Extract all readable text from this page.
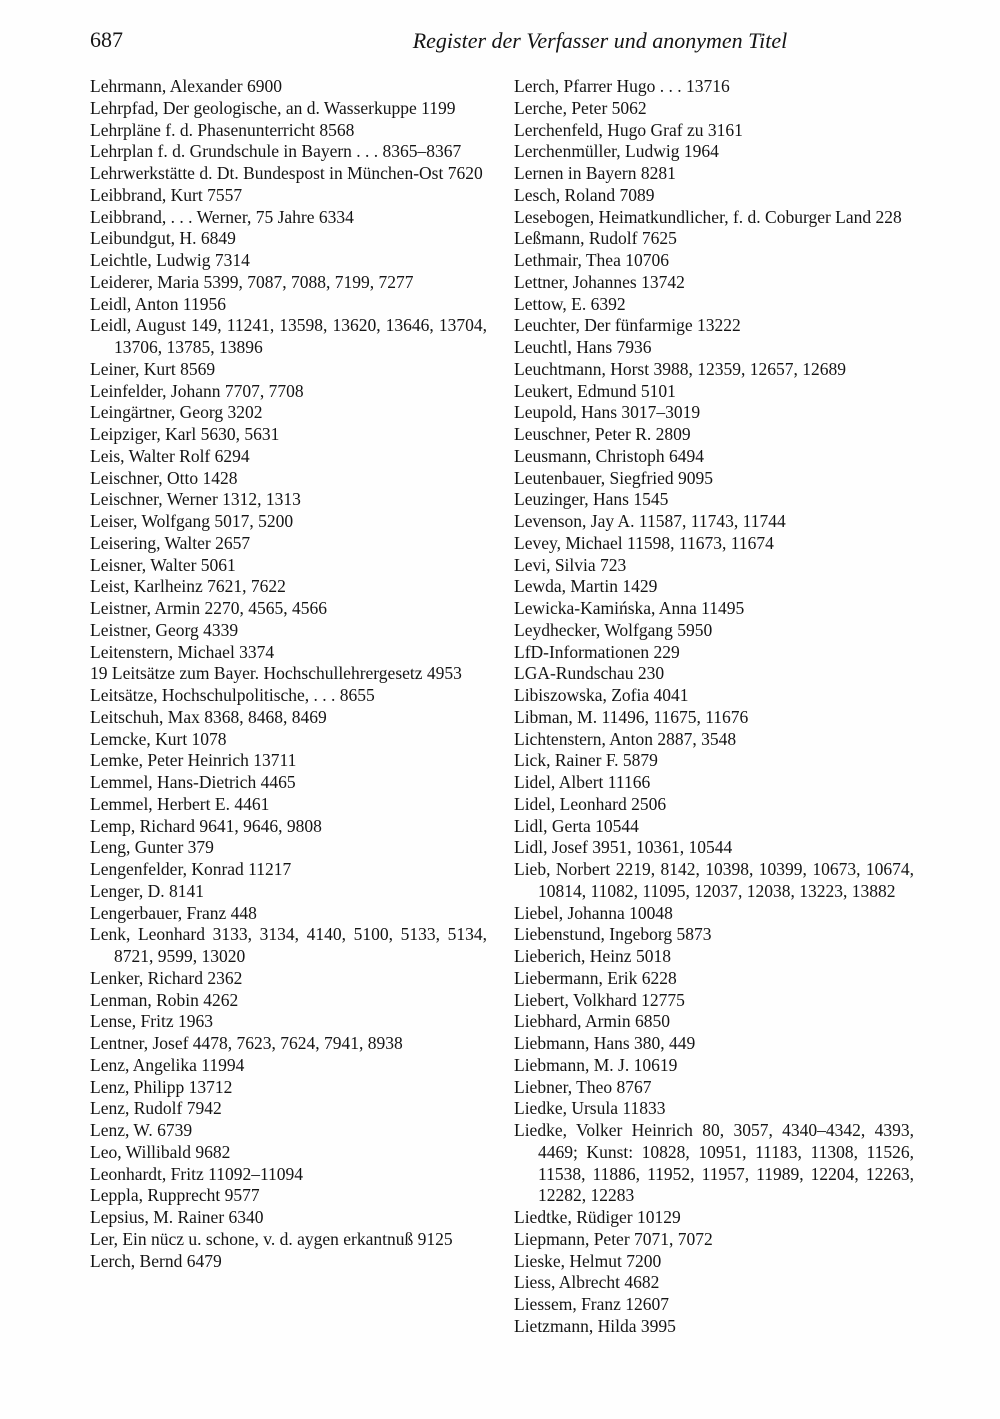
687	Register der Verfasser und anonymen Titel
Lehrmann, Alexander 6900
Lehrpfad, Der geologische, an d. Wasserkuppe 1199
Lehrpläne f. d. Phasenunterricht 8568
Lehrplan f. d. Grundschule in Bayern . . . 8365–8367
Lehrwerkstätte d. Dt. Bundespost in München-Ost 7620
Leibbrand, Kurt 7557
Leibbrand, . . . Werner, 75 Jahre 6334
Leibundgut, H. 6849
Leichtle, Ludwig 7314
Leiderer, Maria 5399, 7087, 7088, 7199, 7277
Leidl, Anton 11956
Leidl, August 149, 11241, 13598, 13620, 13646, 13704, 13706, 13785, 13896
Leiner, Kurt 8569
Leinfelder, Johann 7707, 7708
Leingärtner, Georg 3202
Leipziger, Karl 5630, 5631
Leis, Walter Rolf 6294
Leischner, Otto 1428
Leischner, Werner 1312, 1313
Leiser, Wolfgang 5017, 5200
Leisering, Walter 2657
Leisner, Walter 5061
Leist, Karlheinz 7621, 7622
Leistner, Armin 2270, 4565, 4566
Leistner, Georg 4339
Leitenstern, Michael 3374
19 Leitsätze zum Bayer. Hochschullehrergesetz 4953
Leitsätze, Hochschulpolitische, . . . 8655
Leitschuh, Max 8368, 8468, 8469
Lemcke, Kurt 1078
Lemke, Peter Heinrich 13711
Lemmel, Hans-Dietrich 4465
Lemmel, Herbert E. 4461
Lemp, Richard 9641, 9646, 9808
Leng, Gunter 379
Lengenfelder, Konrad 11217
Lenger, D. 8141
Lengerbauer, Franz 448
Lenk, Leonhard 3133, 3134, 4140, 5100, 5133, 5134, 8721, 9599, 13020
Lenker, Richard 2362
Lenman, Robin 4262
Lense, Fritz 1963
Lentner, Josef 4478, 7623, 7624, 7941, 8938
Lenz, Angelika 11994
Lenz, Philipp 13712
Lenz, Rudolf 7942
Lenz, W. 6739
Leo, Willibald 9682
Leonhardt, Fritz 11092–11094
Leppla, Rupprecht 9577
Lepsius, M. Rainer 6340
Ler, Ein nücz u. schone, v. d. aygen erkantnuß 9125
Lerch, Bernd 6479
Lerch, Pfarrer Hugo . . . 13716
Lerche, Peter 5062
Lerchenfeld, Hugo Graf zu 3161
Lerchenmüller, Ludwig 1964
Lernen in Bayern 8281
Lesch, Roland 7089
Lesebogen, Heimatkundlicher, f. d. Coburger Land 228
Leßmann, Rudolf 7625
Lethmair, Thea 10706
Lettner, Johannes 13742
Lettow, E. 6392
Leuchter, Der fünfarmige 13222
Leuchtl, Hans 7936
Leuchtmann, Horst 3988, 12359, 12657, 12689
Leukert, Edmund 5101
Leupold, Hans 3017–3019
Leuschner, Peter R. 2809
Leusmann, Christoph 6494
Leutenbauer, Siegfried 9095
Leuzinger, Hans 1545
Levenson, Jay A. 11587, 11743, 11744
Levey, Michael 11598, 11673, 11674
Levi, Silvia 723
Lewda, Martin 1429
Lewicka-Kamińska, Anna 11495
Leydhecker, Wolfgang 5950
LfD-Informationen 229
LGA-Rundschau 230
Libiszowska, Zofia 4041
Libman, M. 11496, 11675, 11676
Lichtenstern, Anton 2887, 3548
Lick, Rainer F. 5879
Lidel, Albert 11166
Lidel, Leonhard 2506
Lidl, Gerta 10544
Lidl, Josef 3951, 10361, 10544
Lieb, Norbert 2219, 8142, 10398, 10399, 10673, 10674, 10814, 11082, 11095, 12037, 12038, 13223, 13882
Liebel, Johanna 10048
Liebenstund, Ingeborg 5873
Lieberich, Heinz 5018
Liebermann, Erik 6228
Liebert, Volkhard 12775
Liebhard, Armin 6850
Liebmann, Hans 380, 449
Liebmann, M. J. 10619
Liebner, Theo 8767
Liedke, Ursula 11833
Liedke, Volker Heinrich 80, 3057, 4340–4342, 4393, 4469; Kunst: 10828, 10951, 11183, 11308, 11526, 11538, 11886, 11952, 11957, 11989, 12204, 12263, 12282, 12283
Liedtke, Rüdiger 10129
Liepmann, Peter 7071, 7072
Lieske, Helmut 7200
Liess, Albrecht 4682
Liessem, Franz 12607
Lietzmann, Hilda 3995
